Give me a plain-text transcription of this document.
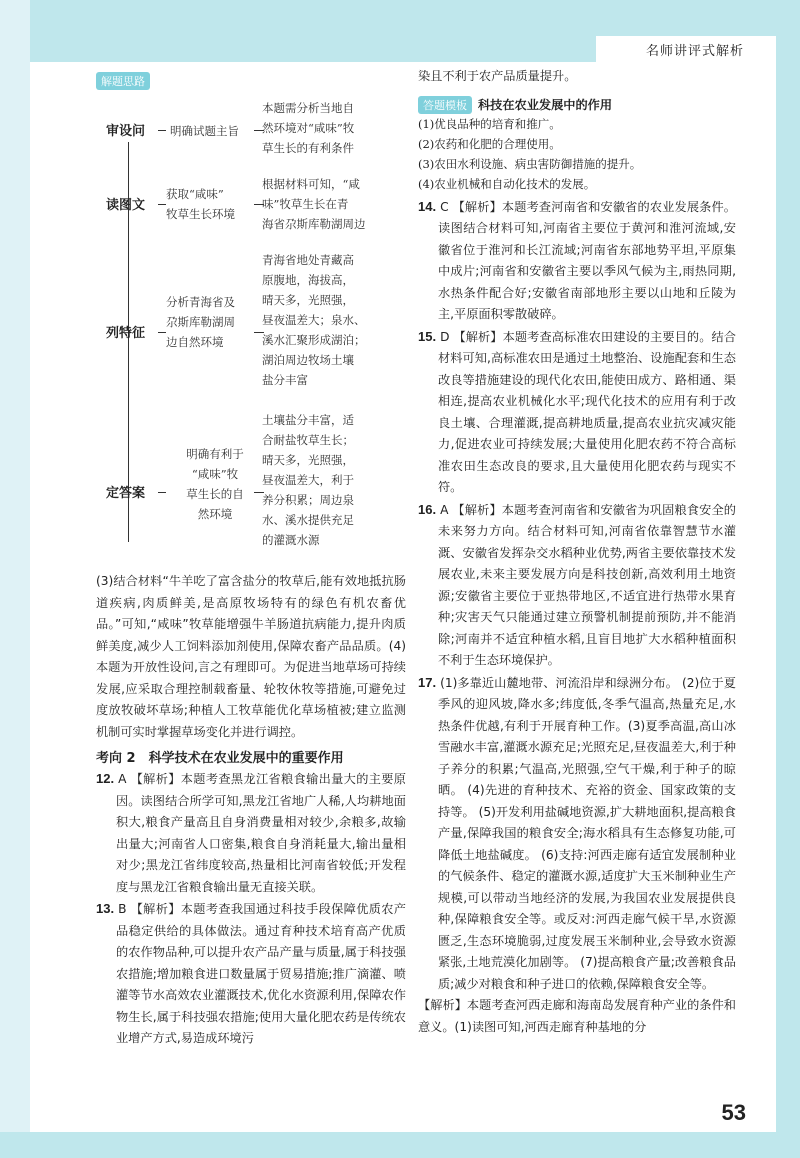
名师讲评式解析
53
解题思路
审设问 明确试题主旨
本题需分析当地自
然环境对“咸味”牧
草生长的有利条件
读图文
获取“咸味”
牧草生长环境
根据材料可知，“咸
味”牧草生长在青
海省尕斯库勒湖周边
列特征
分析青海省及
尕斯库勒湖周
边自然环境
青海省地处青藏高
原腹地，海拔高，
晴天多，光照强，
昼夜温差大；泉水、
溪水汇聚形成湖泊；
湖泊周边牧场土壤
盐分丰富
定答案
明确有利于
“咸味”牧
草生长的自
然环境
土壤盐分丰富，适
合耐盐牧草生长；
晴天多，光照强，
昼夜温差大，利于
养分积累；周边泉
水、溪水提供充足
的灌溉水源

(3)结合材料“牛羊吃了富含盐分的牧草后,能有效地抵抗肠道疾病,肉质鲜美,是高原牧场特有的绿色有机农畜优品。”可知,“咸味”牧草能增强牛羊肠道抗病能力,提升肉质鲜美度,减少人工饲料添加剂使用,保障农畜产品品质。(4)本题为开放性设问,言之有理即可。为促进当地草场可持续发展,应采取合理控制载畜量、轮牧休牧等措施,可避免过度放牧破坏草场;种植人工牧草能优化草场植被;建立监测机制可实时掌握草场变化并进行调控。

考向 2　科学技术在农业发展中的重要作用
12. A 【解析】本题考查黑龙江省粮食输出量大的主要原因。读图结合所学可知,黑龙江省地广人稀,人均耕地面积大,粮食产量高且自身消费量相对较少,余粮多,故输出量大;河南省人口密集,粮食自身消耗量大,输出量相对少;黑龙江省纬度较高,热量相比河南省较低;开发程度与黑龙江省粮食输出量无直接关联。
13. B 【解析】本题考查我国通过科技手段保障优质农产品稳定供给的具体做法。通过育种技术培育高产优质的农作物品种,可以提升农产品产量与质量,属于科技强农措施;增加粮食进口数量属于贸易措施;推广滴灌、喷灌等节水高效农业灌溉技术,优化水资源利用,保障农作物生长,属于科技强农措施;使用大量化肥农药是传统农业增产方式,易造成环境污

染且不利于农产品质量提升。

答题模板 科技在农业发展中的作用
(1)优良品种的培育和推广。
(2)农药和化肥的合理使用。
(3)农田水利设施、病虫害防御措施的提升。
(4)农业机械和自动化技术的发展。
14. C 【解析】本题考查河南省和安徽省的农业发展条件。读图结合材料可知,河南省主要位于黄河和淮河流域,安徽省位于淮河和长江流域;河南省东部地势平坦,平原集中成片;河南省和安徽省主要以季风气候为主,雨热同期,水热条件配合好;安徽省南部地形主要以山地和丘陵为主,平原面积零散破碎。
15. D 【解析】本题考查高标准农田建设的主要目的。结合材料可知,高标准农田是通过土地整治、设施配套和生态改良等措施建设的现代化农田,能使田成方、路相通、渠相连,提高农业机械化水平;现代化技术的应用有利于改良土壤、合理灌溉,提高耕地质量,提高农业抗灾减灾能力,促进农业可持续发展;大量使用化肥农药不符合高标准农田生态改良的要求,且大量使用化肥农药与现实不符。
16. A 【解析】本题考查河南省和安徽省为巩固粮食安全的未来努力方向。结合材料可知,河南省依靠智慧节水灌溉、安徽省发挥杂交水稻种业优势,两省主要依靠技术发展农业,未来主要发展方向是科技创新,高效利用土地资源;安徽省主要位于亚热带地区,不适宜进行热带水果育种;灾害天气只能通过建立预警机制提前预防,并不能消除;河南并不适宜种植水稻,且盲目地扩大水稻种植面积不利于生态环境保护。
17. (1)多靠近山麓地带、河流沿岸和绿洲分布。 (2)位于夏季风的迎风坡,降水多;纬度低,冬季气温高,热量充足,水热条件优越,有利于开展育种工作。(3)夏季高温,高山冰雪融水丰富,灌溉水源充足;光照充足,昼夜温差大,利于种子养分的积累;气温高,光照强,空气干燥,利于种子的晾晒。 (4)先进的育种技术、充裕的资金、国家政策的支持等。 (5)开发利用盐碱地资源,扩大耕地面积,提高粮食产量,保障我国的粮食安全;海水稻具有生态修复功能,可降低土地盐碱度。 (6)支持:河西走廊有适宜发展制种业的气候条件、稳定的灌溉水源,适度扩大玉米制种业生产规模,可以带动当地经济的发展,为我国农业发展提供良种,保障粮食安全等。或反对:河西走廊气候干旱,水资源匮乏,生态环境脆弱,过度发展玉米制种业,会导致水资源紧张,土地荒漠化加剧等。 (7)提高粮食产量;改善粮食品质;减少对粮食和种子进口的依赖,保障粮食安全等。

【解析】本题考查河西走廊和海南岛发展育种产业的条件和意义。(1)读图可知,河西走廊育种基地的分
